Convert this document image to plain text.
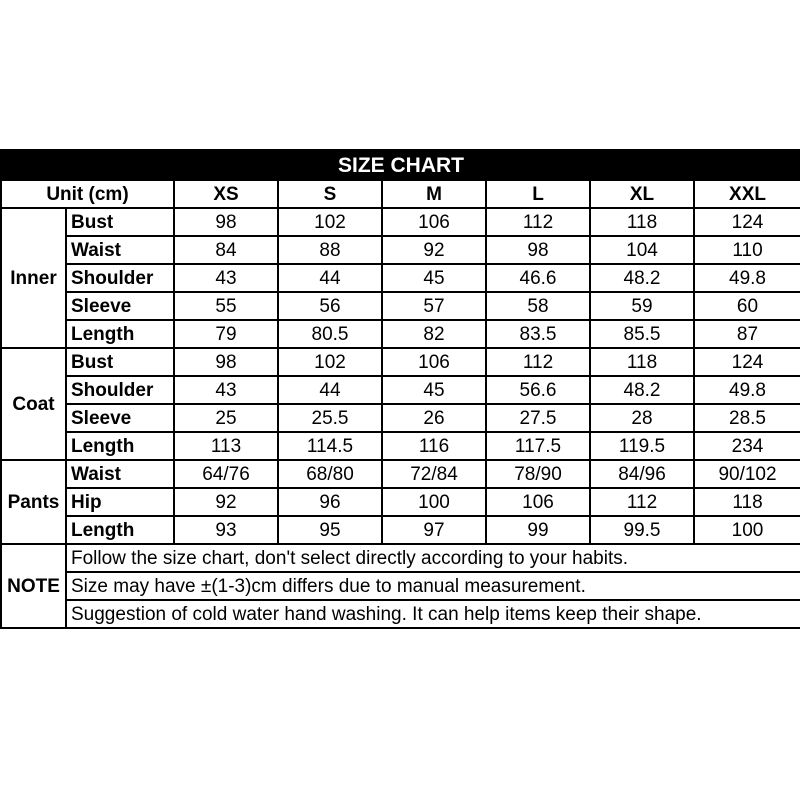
SIZE CHART							
Unit (cm)		XS	S	M	L	XL	XXL
Inner	Bust	98	102	106	112	118	124
	Waist	84	88	92	98	104	110
	Shoulder	43	44	45	46.6	48.2	49.8
	Sleeve	55	56	57	58	59	60
	Length	79	80.5	82	83.5	85.5	87
Coat	Bust	98	102	106	112	118	124
	Shoulder	43	44	45	56.6	48.2	49.8
	Sleeve	25	25.5	26	27.5	28	28.5
	Length	113	114.5	116	117.5	119.5	234
Pants	Waist	64/76	68/80	72/84	78/90	84/96	90/102
	Hip	92	96	100	106	112	118
	Length	93	95	97	99	99.5	100
NOTE	Follow the size chart, don't select directly according to your habits.						
	Size may have ±(1-3)cm differs due to manual measurement.						
	Suggestion of cold water hand washing. It can help items keep their shape.						
